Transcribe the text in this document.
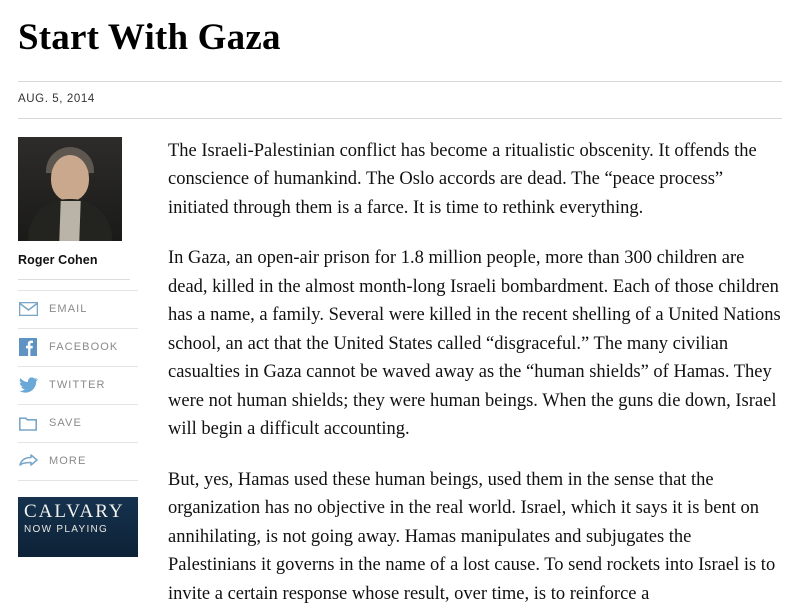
Start With Gaza
AUG. 5, 2014
Roger Cohen
EMAIL
FACEBOOK
TWITTER
SAVE
MORE
CALVARY
NOW PLAYING

The Israeli-Palestinian conflict has become a ritualistic obscenity. It offends the conscience of humankind. The Oslo accords are dead. The “peace process” initiated through them is a farce. It is time to rethink everything.

In Gaza, an open-air prison for 1.8 million people, more than 300 children are dead, killed in the almost month-long Israeli bombardment. Each of those children has a name, a family. Several were killed in the recent shelling of a United Nations school, an act that the United States called “disgraceful.” The many civilian casualties in Gaza cannot be waved away as the “human shields” of Hamas. They were not human shields; they were human beings. When the guns die down, Israel will begin a difficult accounting.

But, yes, Hamas used these human beings, used them in the sense that the organization has no objective in the real world. Israel, which it says it is bent on annihilating, is not going away. Hamas manipulates and subjugates the Palestinians it governs in the name of a lost cause. To send rockets into Israel is to invite a certain response whose result, over time, is to reinforce a
